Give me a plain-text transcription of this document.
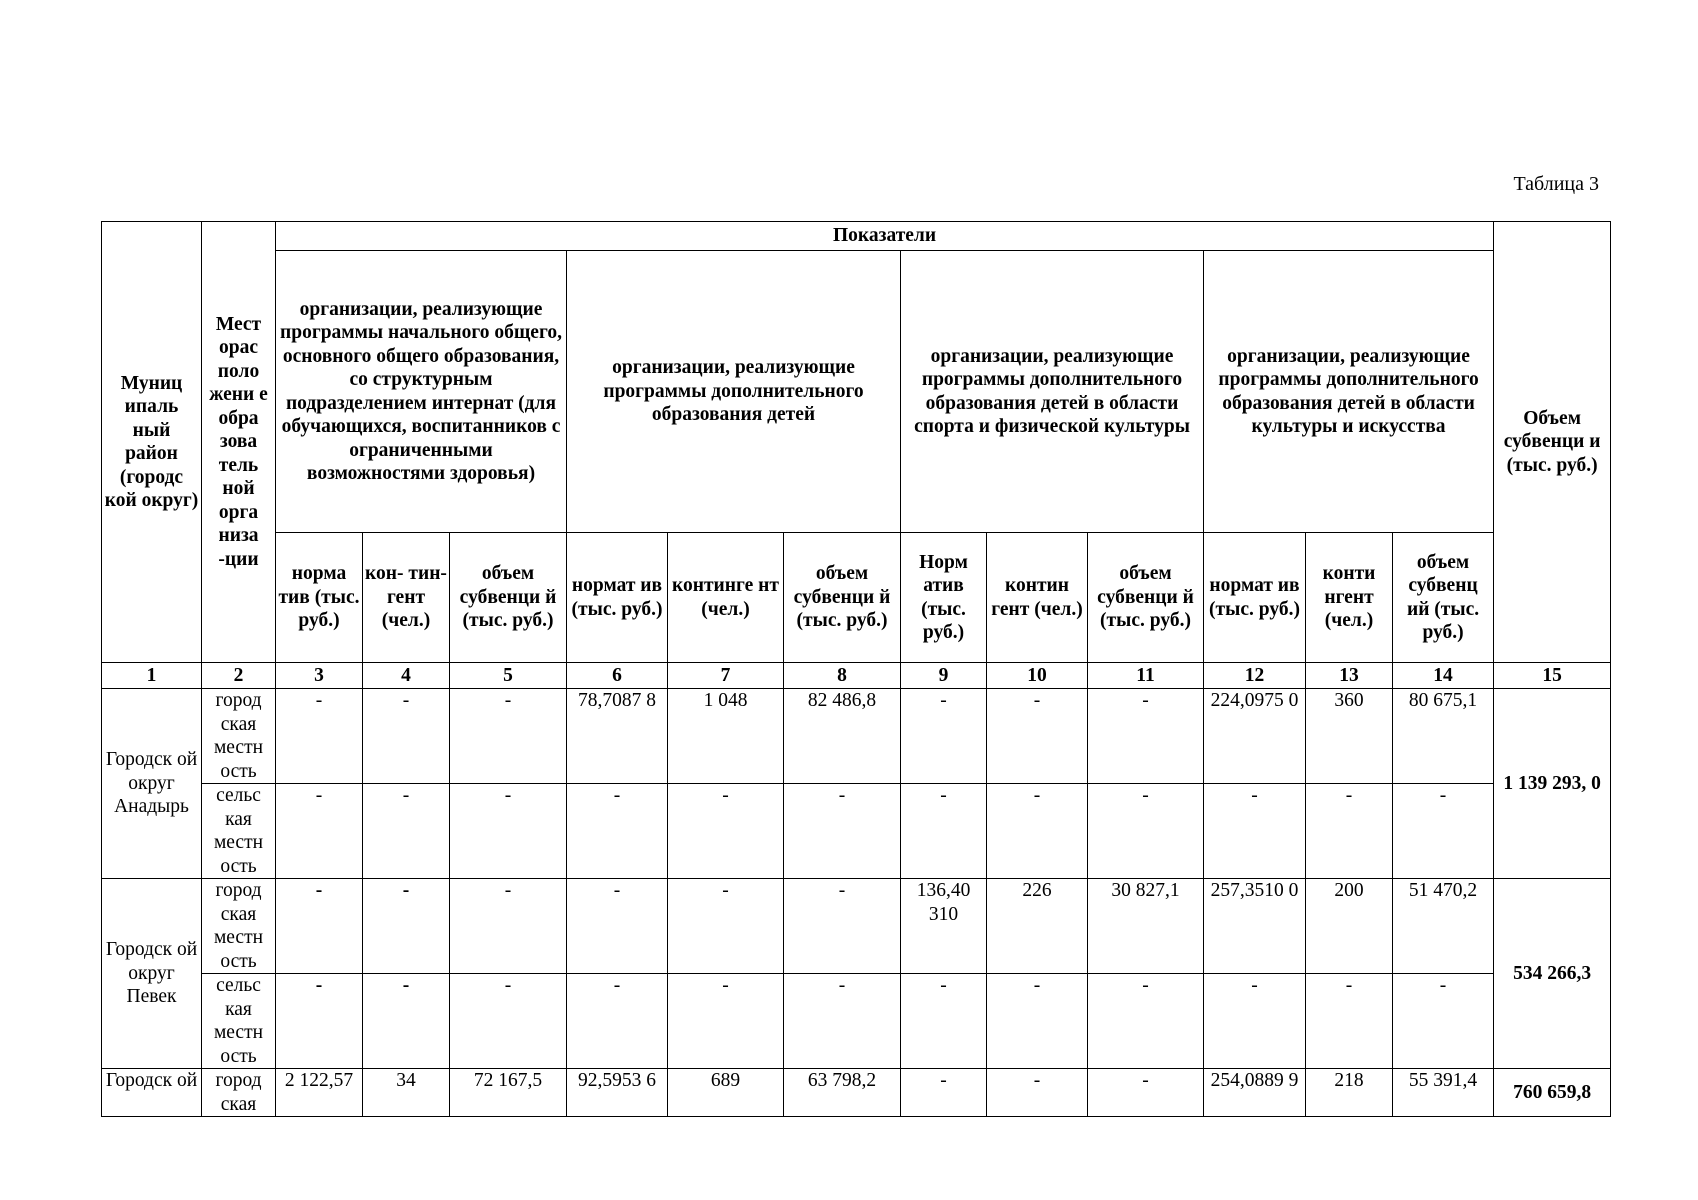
Таблица 3
Муниц ипаль ный район (городс кой округ)	Мест орас поло жени е обра зова тель ной орга низа -ции	Показатели												Объем субвенци и (тыс. руб.)
		организации, реализующие программы начального общего, основного общего образования, со структурным подразделением интернат (для обучающихся, воспитанников с ограниченными возможностями здоровья)			организации, реализующие программы дополнительного образования детей			организации, реализующие программы дополнительного образования детей в области спорта и физической культуры			организации, реализующие программы дополнительного образования детей в области культуры и искусства			
		норма тив (тыс. руб.)	кон- тин- гент (чел.)	объем субвенци й (тыс. руб.)	нормат ив (тыс. руб.)	континге нт (чел.)	объем субвенци й (тыс. руб.)	Норм атив (тыс. руб.)	контин гент (чел.)	объем субвенци й (тыс. руб.)	нормат ив (тыс. руб.)	конти нгент (чел.)	объем субвенц ий (тыс. руб.)	
1	2	3	4	5	6	7	8	9	10	11	12	13	14	15
Городск ой округ Анадырь	город ская местн ость	-	-	-	78,7087 8	1 048	82 486,8	-	-	-	224,0975 0	360	80 675,1	1 139 293, 0
	сельс кая местн ость	-	-	-	-	-	-	-	-	-	-	-	-	
Городск ой округ Певек	город ская местн ость	-	-	-	-	-	-	136,40 310	226	30 827,1	257,3510 0	200	51 470,2	534 266,3
	сельс кая местн ость	-	-	-	-	-	-	-	-	-	-	-	-	
Городск ой	город ская	2 122,57	34	72 167,5	92,5953 6	689	63 798,2	-	-	-	254,0889 9	218	55 391,4	760 659,8
